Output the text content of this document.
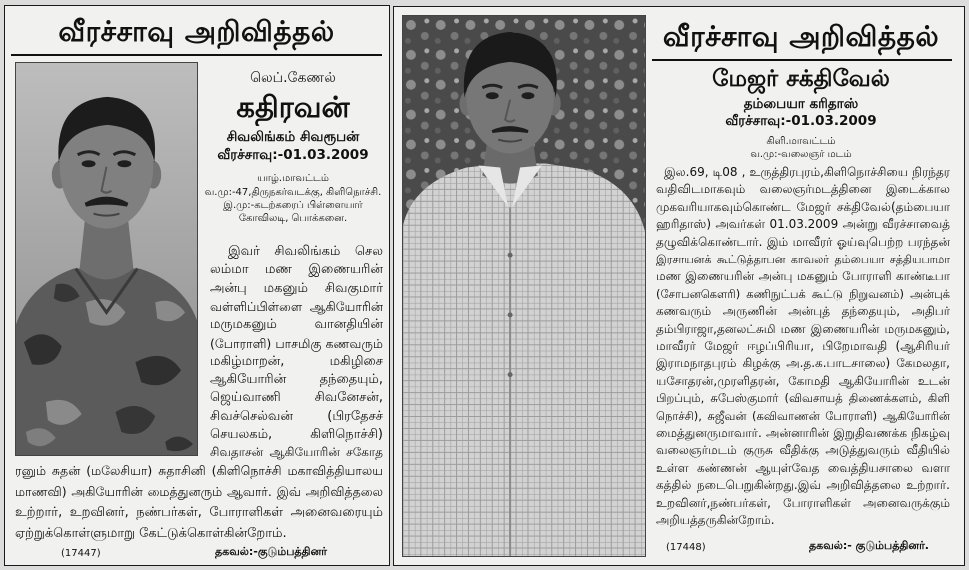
வீரச்சாவு அறிவித்தல்
லெப்.கேணல்
கதிரவன்
சிவலிங்கம் சிவரூபன்
வீரச்சாவு:-01.03.2009
யாழ்.மாவட்டம்
வ.மு:-47,திருநகர்வடக்கு, கிளிநொச்சி.
இ.மு:-கடற்கரைப் பிள்ளையார்
கோவிலடி, பொக்கனை.
இவர் சிவலிங்கம் செல
லம்மா மண இணையரின்
அன்பு மகனும் சிவகுமார்
வள்ளிப்பிள்ளை ஆகியோரின்
மருமகனும் வானதியின்
(போராளி) பாசமிகு கணவரும்
மகிழ்மாறன், மகிழிசை
ஆகியோரின் தந்தையும்,
ஜெய்வாணி சிவனேசன்,
சிவச்செல்வன் (பிரதேசச்
செயலகம், கிளிநொச்சி)
சிவதாசன் ஆகியோரின் சகோத
ரனும் சுதன் (மலேசியா) சுதாசினி (கிளிநொச்சி மகாவித்தியாலய
மாணவி) அகியோரின் மைத்துனரும் ஆவார். இவ் அறிவித்தலை
உற்றார், உறவினர், நண்பர்கள், போராளிகள் அனைவரையும்
ஏற்றுக்கொள்ளுமாறு கேட்டுக்கொள்கின்றோம்.
(17447)	தகவல்:-குடும்பத்தினர்
வீரச்சாவு அறிவித்தல்
மேஜர் சக்திவேல்
தம்பையா கரிதாஸ்
வீரச்சாவு:-01.03.2009
கிளி.மாவட்டம்
வ.மு:-வலைஞர் மடம்
இல.69, டி08 , உருத்திரபுரம்,கிளிநொச்சியை நிரந்தர
வதிவிடமாகவும் வலைஞர்மடத்தினை இடைக்கால
முகவரியாகவும்கொண்ட மேஜர் சக்திவேல்(தம்பையா
ஹரிதாஸ்) அவர்கள் 01.03.2009 அன்று வீரச்சாவைத்
தழுவிக்கொண்டார். இம் மாவீரர் ஓய்வுபெற்ற பரந்தன்
இரசாயனக் கூட்டுத்தாபன காவலர் தம்பையா சத்தியபாமா
மண இணையரின் அன்பு மகனும் போராளி காண்டீபா
(சோபனகௌரி) கணிநுட்பக் கூட்டு நிறுவனம்) அன்புக்
கணவரும் அருணின் அன்புத் தந்தையும், அதிபர்
தம்பிராஜா,தனலட்சுமி மண இணையரின் மருமகனும்,
மாவீரர் மேஜர் ஈழப்பிரியா, பிறேமாவதி (ஆசிரியர்
இராமநாதபுரம் கிழக்கு அ.த.க.பாடசாலை) கேமலதா,
யசோதரன்,முரளிதரன், கோமதி ஆகியோரின் உடன்
பிறப்பும், சுபேஸ்குமார் (விவசாயத் திணைக்களம், கிளி
நொச்சி), சுஜீவன் (கவிவாணன் போராளி) ஆகியோரின்
மைத்துனருமாவார். அன்னாரின் இறுதிவணக்க நிகழ்வு
வலைஞர்மடம் குருசு வீதிக்கு அடுத்துவரும் வீதியில்
உள்ள கண்ணன் ஆயுள்வேத வைத்தியசாலை வளா
கத்தில் நடைபெறுகின்றது.இவ் அறிவித்தலை உற்றார்.
உறவினர்,நண்பர்கள், போராளிகள் அனைவருக்கும்
அறியத்தருகின்றோம்.
(17448)	தகவல்:- குடும்பத்தினர்.
